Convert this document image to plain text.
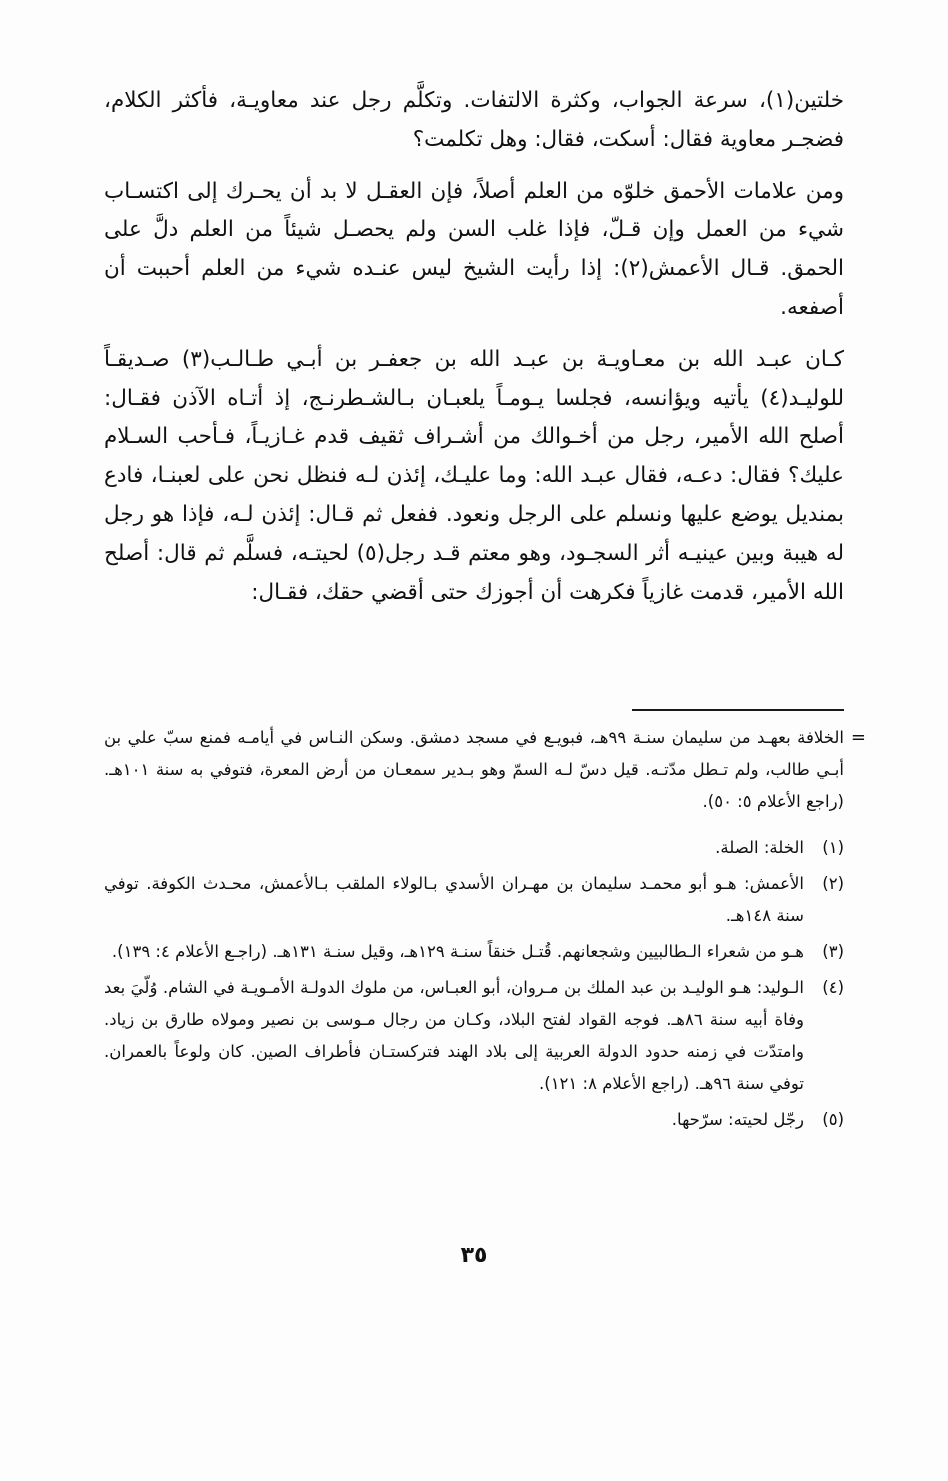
خلتين(١)، سرعة الجواب، وكثرة الالتفات. وتكلَّم رجل عند معاويـة، فأكثر الكلام، فضجـر معاوية فقال: أسكت، فقال: وهل تكلمت؟

ومن علامات الأحمق خلوّه من العلم أصلاً، فإن العقـل لا بد أن يحـرك إلى اكتسـاب شيء من العمل وإن قـلّ، فإذا غلب السن ولم يحصـل شيئاً من العلم دلَّ على الحمق. قـال الأعمش(٢): إذا رأيت الشيخ ليس عنـده شيء من العلم أحببت أن أصفعه.

كـان عبـد الله بن معـاويـة بن عبـد الله بن جعفـر بن أبـي طـالـب(٣) صـديقـاً للوليـد(٤) يأتيه ويؤانسه، فجلسا يـومـاً يلعبـان بـالشـطرنـج، إذ أتـاه الآذن فقـال: أصلح الله الأمير، رجل من أخـوالك من أشـراف ثقيف قدم غـازيـاً، فـأحب السـلام عليك؟ فقال: دعـه، فقال عبـد الله: وما عليـك، إئذن لـه فنظل نحن على لعبنـا، فادع بمنديل يوضع عليها ونسلم على الرجل ونعود. ففعل ثم قـال: إئذن لـه، فإذا هو رجل له هيبة وبين عينيـه أثر السجـود، وهو معتم قـد رجل(٥) لحيتـه، فسلَّم ثم قال: أصلح الله الأمير، قدمت غازياً فكرهت أن أجوزك حتى أقضي حقك، فقـال:

=
الخلافة بعهـد من سليمان سنـة ٩٩هـ، فبويـع في مسجد دمشق. وسكن النـاس في أيامـه فمنع سبّ علي بن أبـي طالب، ولم تـطل مدّتـه. قيل دسّ لـه السمّ وهو بـدير سمعـان من أرض المعرة، فتوفي به سنة ١٠١هـ. (راجع الأعلام ٥: ٥٠).
(١)
الخلة: الصلة.
(٢)
الأعمش: هـو أبو محمـد سليمان بن مهـران الأسدي بـالولاء الملقب بـالأعمش، محـدث الكوفة. توفي سنة ١٤٨هـ.
(٣)
هـو من شعراء الـطالبيين وشجعانهم. قُتـل خنقاً سنـة ١٢٩هـ، وقيل سنـة ١٣١هـ. (راجـع الأعلام ٤: ١٣٩).
(٤)
الـوليد: هـو الوليـد بن عبد الملك بن مـروان، أبو العبـاس، من ملوك الدولـة الأمـويـة في الشام. وُلّيَ بعد وفاة أبيه سنة ٨٦هـ. فوجه القواد لفتح البلاد، وكـان من رجال مـوسى بن نصير ومولاه طارق بن زياد. وامتدّت في زمنه حدود الدولة العربية إلى بلاد الهند فتركستـان فأطراف الصين. كان ولوعاً بالعمران. توفي سنة ٩٦هـ. (راجع الأعلام ٨: ١٢١).
(٥)
رجّل لحيته: سرّحها.
٣٥
